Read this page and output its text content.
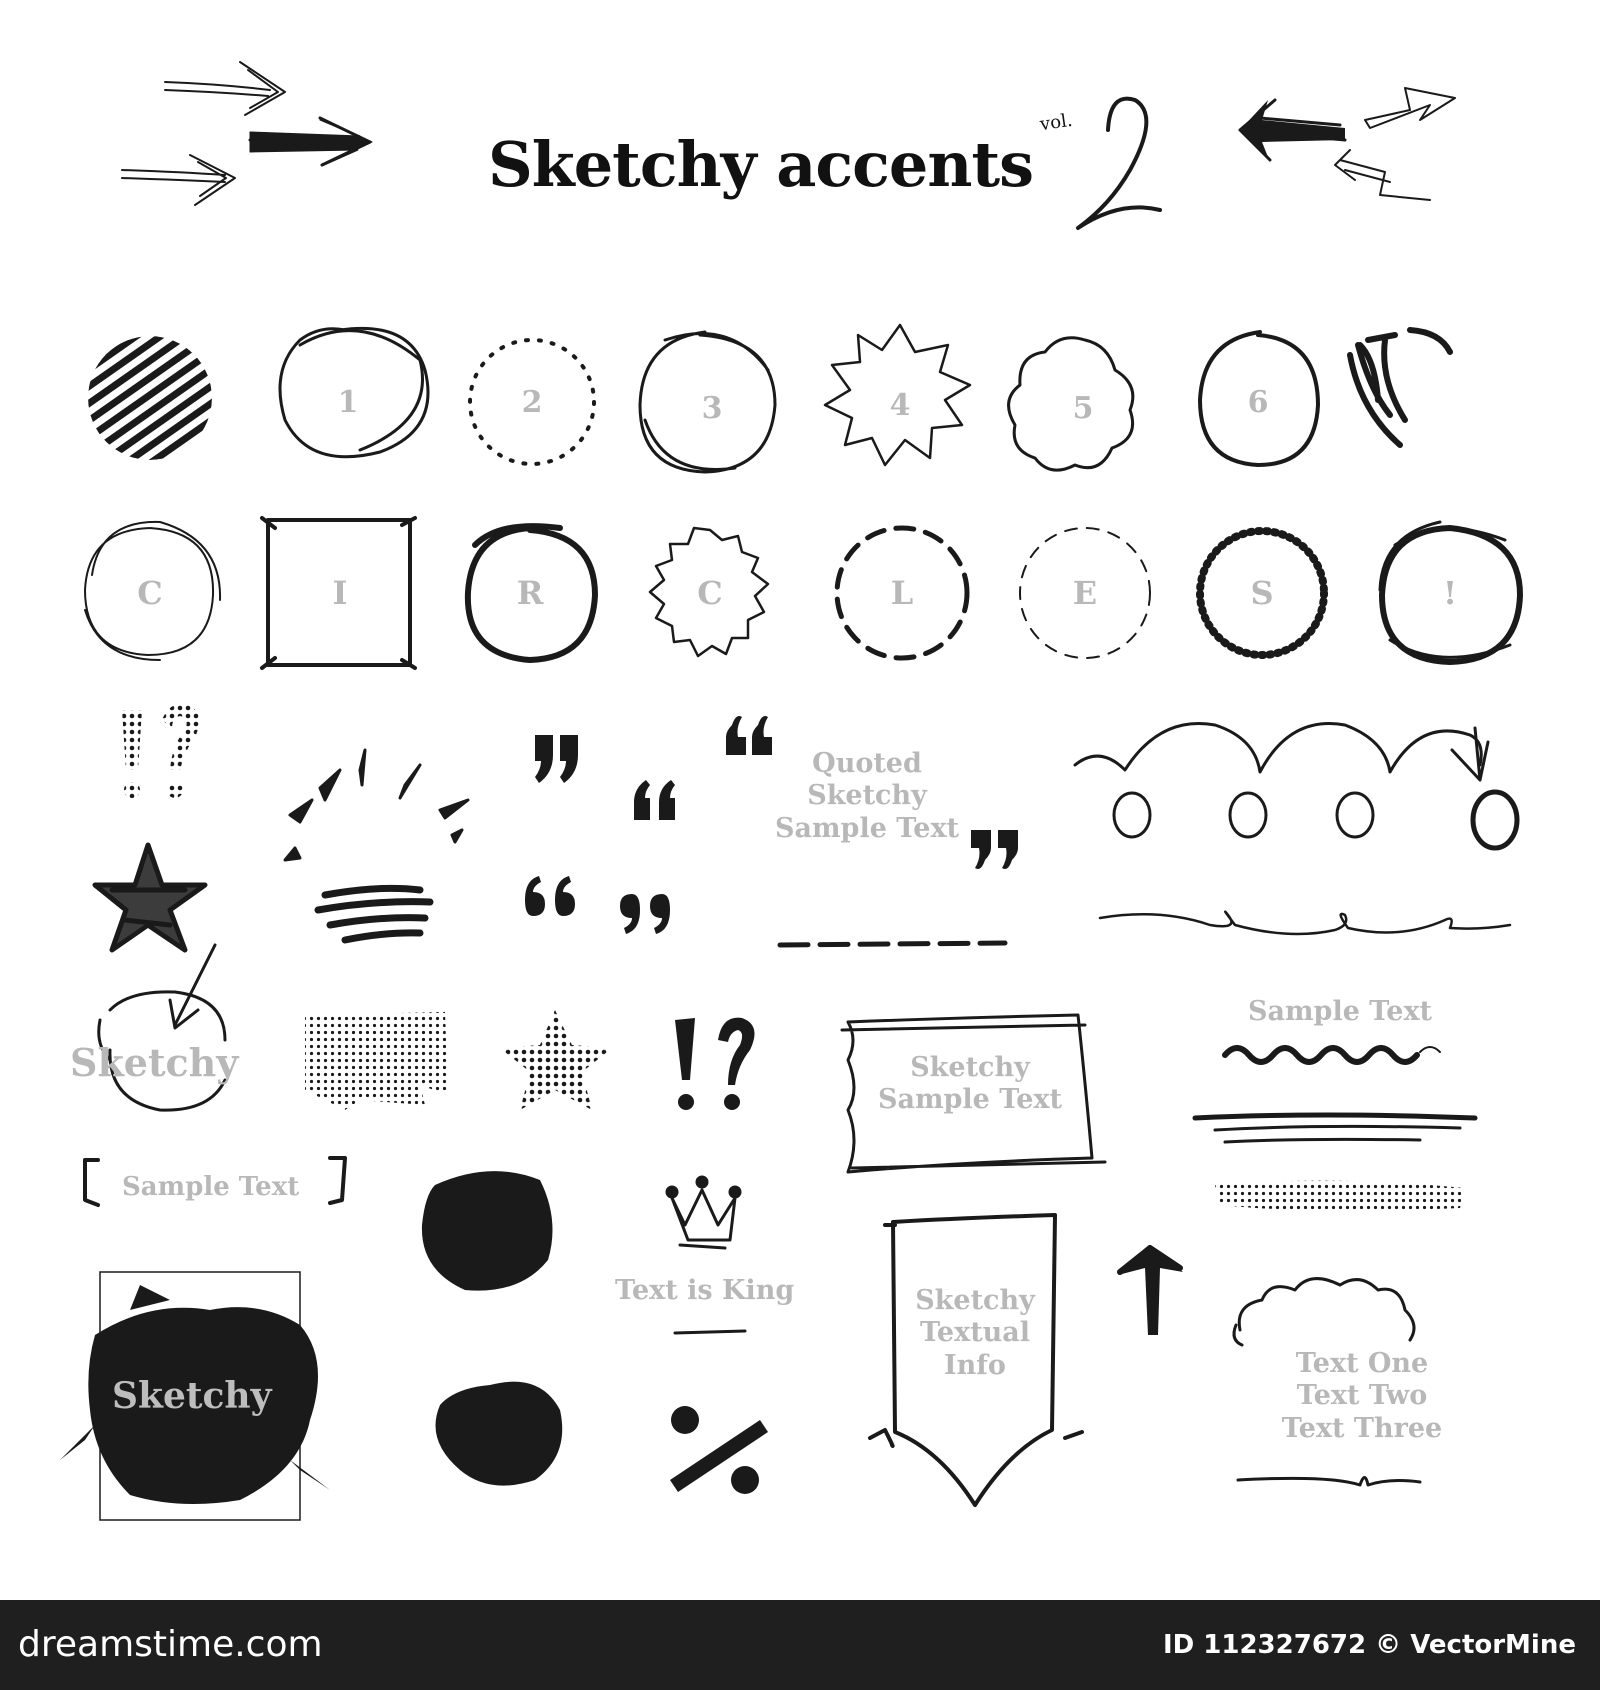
1	2	3	4	5	6
C	I	R	C	L	E	S	!
Sketchy accents
vol.
Quoted
Sketchy
Sample Text
Sketchy
Sample Text
Sketchy
Sample Text
Sample Text
Text is King	Sketchy
Textual
Info	Text One
Text Two
Text Three
Sketchy
dreamstime.com	ID 112327672 © VectorMine
